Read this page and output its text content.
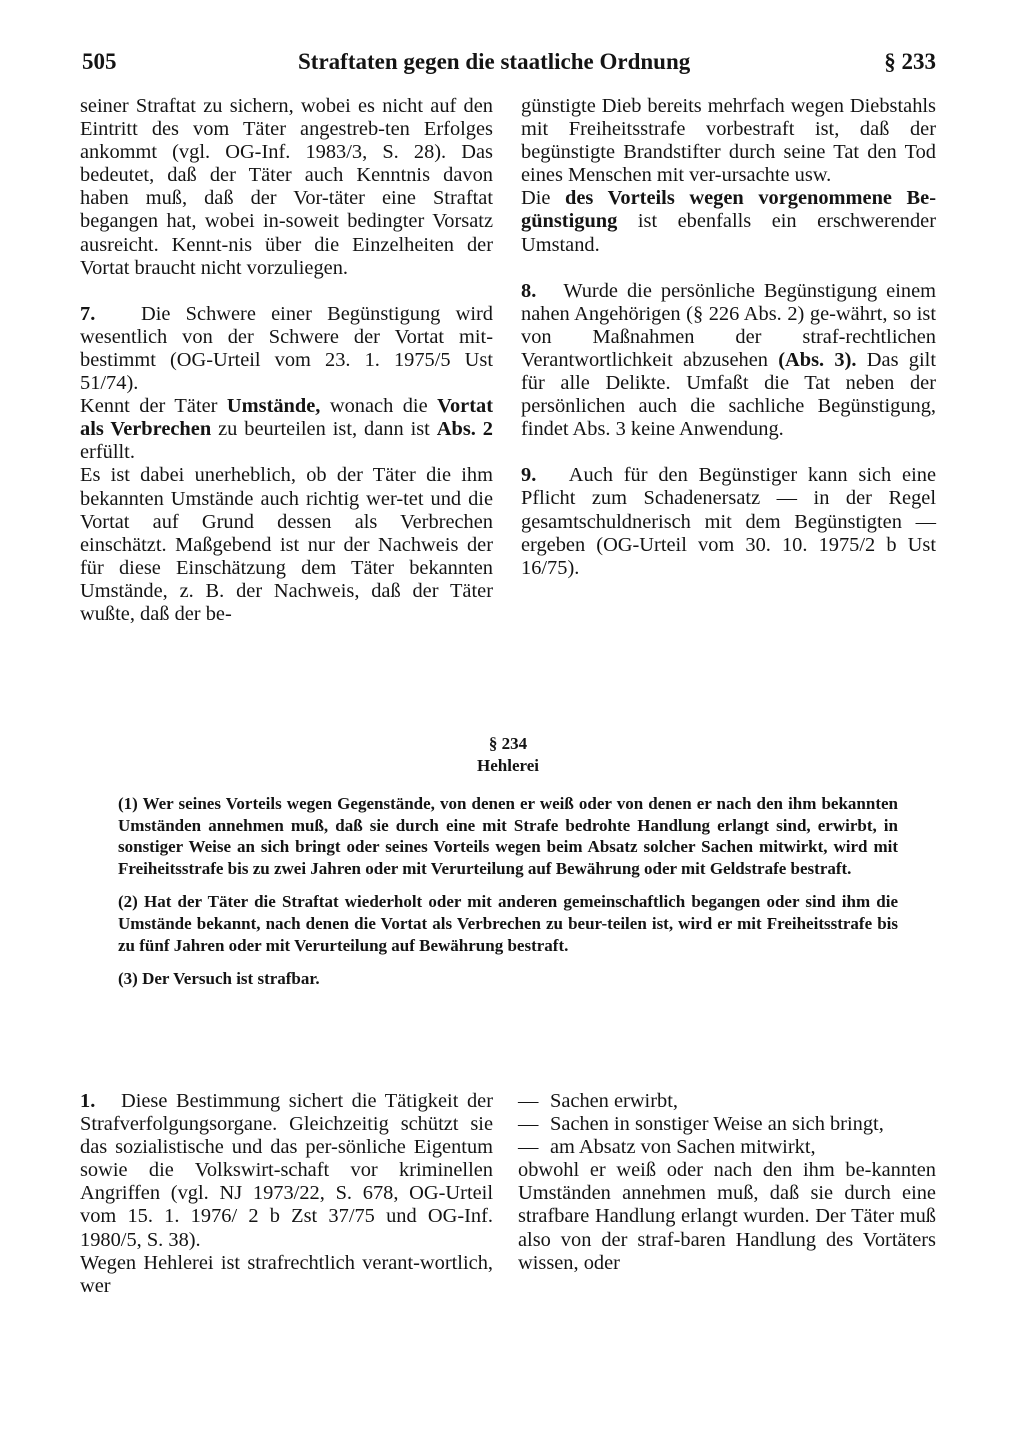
505	Straftaten gegen die staatliche Ordnung	§ 233

seiner Straftat zu sichern, wobei es nicht auf den Eintritt des vom Täter angestreb-ten Erfolges ankommt (vgl. OG-Inf. 1983/3, S. 28). Das bedeutet, daß der Täter auch Kenntnis davon haben muß, daß der Vor-täter eine Straftat begangen hat, wobei in-soweit bedingter Vorsatz ausreicht. Kennt-nis über die Einzelheiten der Vortat braucht nicht vorzuliegen.

7. Die Schwere einer Begünstigung wird wesentlich von der Schwere der Vortat mit-bestimmt (OG-Urteil vom 23. 1. 1975/5 Ust 51/74).

Kennt der Täter Umstände, wonach die Vortat als Verbrechen zu beurteilen ist, dann ist Abs. 2 erfüllt.

Es ist dabei unerheblich, ob der Täter die ihm bekannten Umstände auch richtig wer-tet und die Vortat auf Grund dessen als Verbrechen einschätzt. Maßgebend ist nur der Nachweis der für diese Einschätzung dem Täter bekannten Umstände, z. B. der Nachweis, daß der Täter wußte, daß der be-

günstigte Dieb bereits mehrfach wegen Diebstahls mit Freiheitsstrafe vorbestraft ist, daß der begünstigte Brandstifter durch seine Tat den Tod eines Menschen mit ver-ursachte usw.

Die des Vorteils wegen vorgenommene Be-günstigung ist ebenfalls ein erschwerender Umstand.

8. Wurde die persönliche Begünstigung einem nahen Angehörigen (§ 226 Abs. 2) ge-währt, so ist von Maßnahmen der straf-rechtlichen Verantwortlichkeit abzusehen (Abs. 3). Das gilt für alle Delikte. Umfaßt die Tat neben der persönlichen auch die sachliche Begünstigung, findet Abs. 3 keine Anwendung.

9. Auch für den Begünstiger kann sich eine Pflicht zum Schadenersatz — in der Regel gesamtschuldnerisch mit dem Begünstigten — ergeben (OG-Urteil vom 30. 10. 1975/2 b Ust 16/75).

§ 234
Hehlerei

(1) Wer seines Vorteils wegen Gegenstände, von denen er weiß oder von denen er nach den ihm bekannten Umständen annehmen muß, daß sie durch eine mit Strafe bedrohte Handlung erlangt sind, erwirbt, in sonstiger Weise an sich bringt oder seines Vorteils wegen beim Absatz solcher Sachen mitwirkt, wird mit Freiheitsstrafe bis zu zwei Jahren oder mit Verurteilung auf Bewährung oder mit Geldstrafe bestraft.

(2) Hat der Täter die Straftat wiederholt oder mit anderen gemeinschaftlich begangen oder sind ihm die Umstände bekannt, nach denen die Vortat als Verbrechen zu beur-teilen ist, wird er mit Freiheitsstrafe bis zu fünf Jahren oder mit Verurteilung auf Bewährung bestraft.

(3) Der Versuch ist strafbar.

1. Diese Bestimmung sichert die Tätigkeit der Strafverfolgungsorgane. Gleichzeitig schützt sie das sozialistische und das per-sönliche Eigentum sowie die Volkswirt-schaft vor kriminellen Angriffen (vgl. NJ 1973/22, S. 678, OG-Urteil vom 15. 1. 1976/ 2 b Zst 37/75 und OG-Inf. 1980/5, S. 38).

Wegen Hehlerei ist strafrechtlich verant-wortlich, wer

— Sachen erwirbt,
— Sachen in sonstiger Weise an sich bringt,
— am Absatz von Sachen mitwirkt,

obwohl er weiß oder nach den ihm be-kannten Umständen annehmen muß, daß sie durch eine strafbare Handlung erlangt wurden. Der Täter muß also von der straf-baren Handlung des Vortäters wissen, oder
